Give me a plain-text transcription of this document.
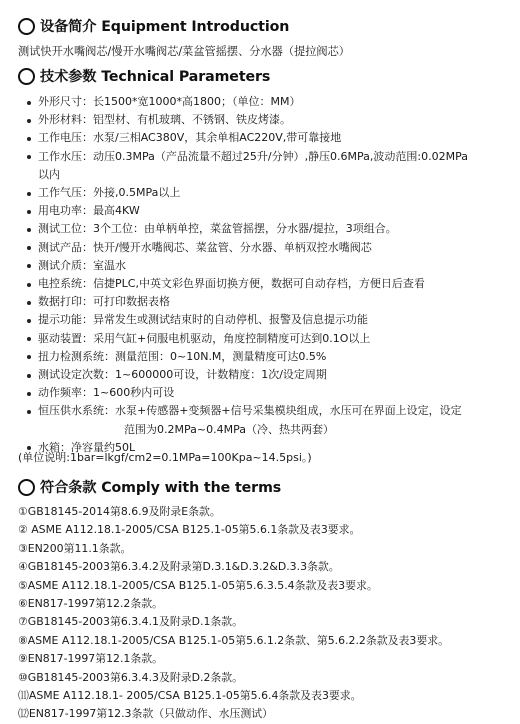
设备简介 Equipment Introduction
测试快开水嘴阀芯/慢开水嘴阀芯/菜盆管摇摆、分水器（提拉阀芯）
技术参数 Technical Parameters
外形尺寸：长1500*宽1000*高1800；（单位：MM）
外形材料：铝型材、有机玻璃、不锈钢、铁皮烤漆。
工作电压：水泵/三相AC380V，其余单相AC220V,带可靠接地
工作水压：动压0.3MPa（产品流量不超过25升/分钟）,静压0.6MPa,波动范围:0.02MPa
以内
工作气压：外接,0.5MPa以上
用电功率：最高4KW
测试工位：3个工位：由单柄单控，菜盆管摇摆，分水器/提拉，3项组合。
测试产品：快开/慢开水嘴阀芯、菜盆管、分水器、单柄双控水嘴阀芯
测试介质：室温水
电控系统：信捷PLC,中英文彩色界面切换方便，数据可自动存档，方便日后查看
数据打印：可打印数据表格
提示功能：异常发生或测试结束时的自动停机、报警及信息提示功能
驱动装置：采用气缸+伺服电机驱动，角度控制精度可达到0.1O以上
扭力检测系统：测量范围：0~10N.M，测量精度可达0.5%
测试设定次数：1~600000可设，计数精度：1次/设定周期
动作频率：1~600秒内可设
恒压供水系统：水泵+传感器+变频器+信号采集模块组成，水压可在界面上设定，设定
范围为0.2MPa~0.4MPa（冷、热共两套）
水箱：净容量约50L
(单位说明:1bar=lkgf/cm2=0.1MPa=100Kpa~14.5psi。)
符合条款 Comply with the terms
①GB18145-2014第8.6.9及附录E条款。
② ASME A112.18.1-2005/CSA B125.1-05第5.6.1条款及表3要求。
③EN200第11.1条款。
④GB18145-2003第6.3.4.2及附录第D.3.1&D.3.2&D.3.3条款。
⑤ASME A112.18.1-2005/CSA B125.1-05第5.6.3.5.4条款及表3要求。
⑥EN817-1997第12.2条款。
⑦GB18145-2003第6.3.4.1及附录D.1条款。
⑧ASME A112.18.1-2005/CSA B125.1-05第5.6.1.2条款、第5.6.2.2条款及表3要求。
⑨EN817-1997第12.1条款。
⑩GB18145-2003第6.3.4.3及附录D.2条款。
⑾ASME A112.18.1- 2005/CSA B125.1-05第5.6.4条款及表3要求。
⑿EN817-1997第12.3条款（只做动作、水压测试）
